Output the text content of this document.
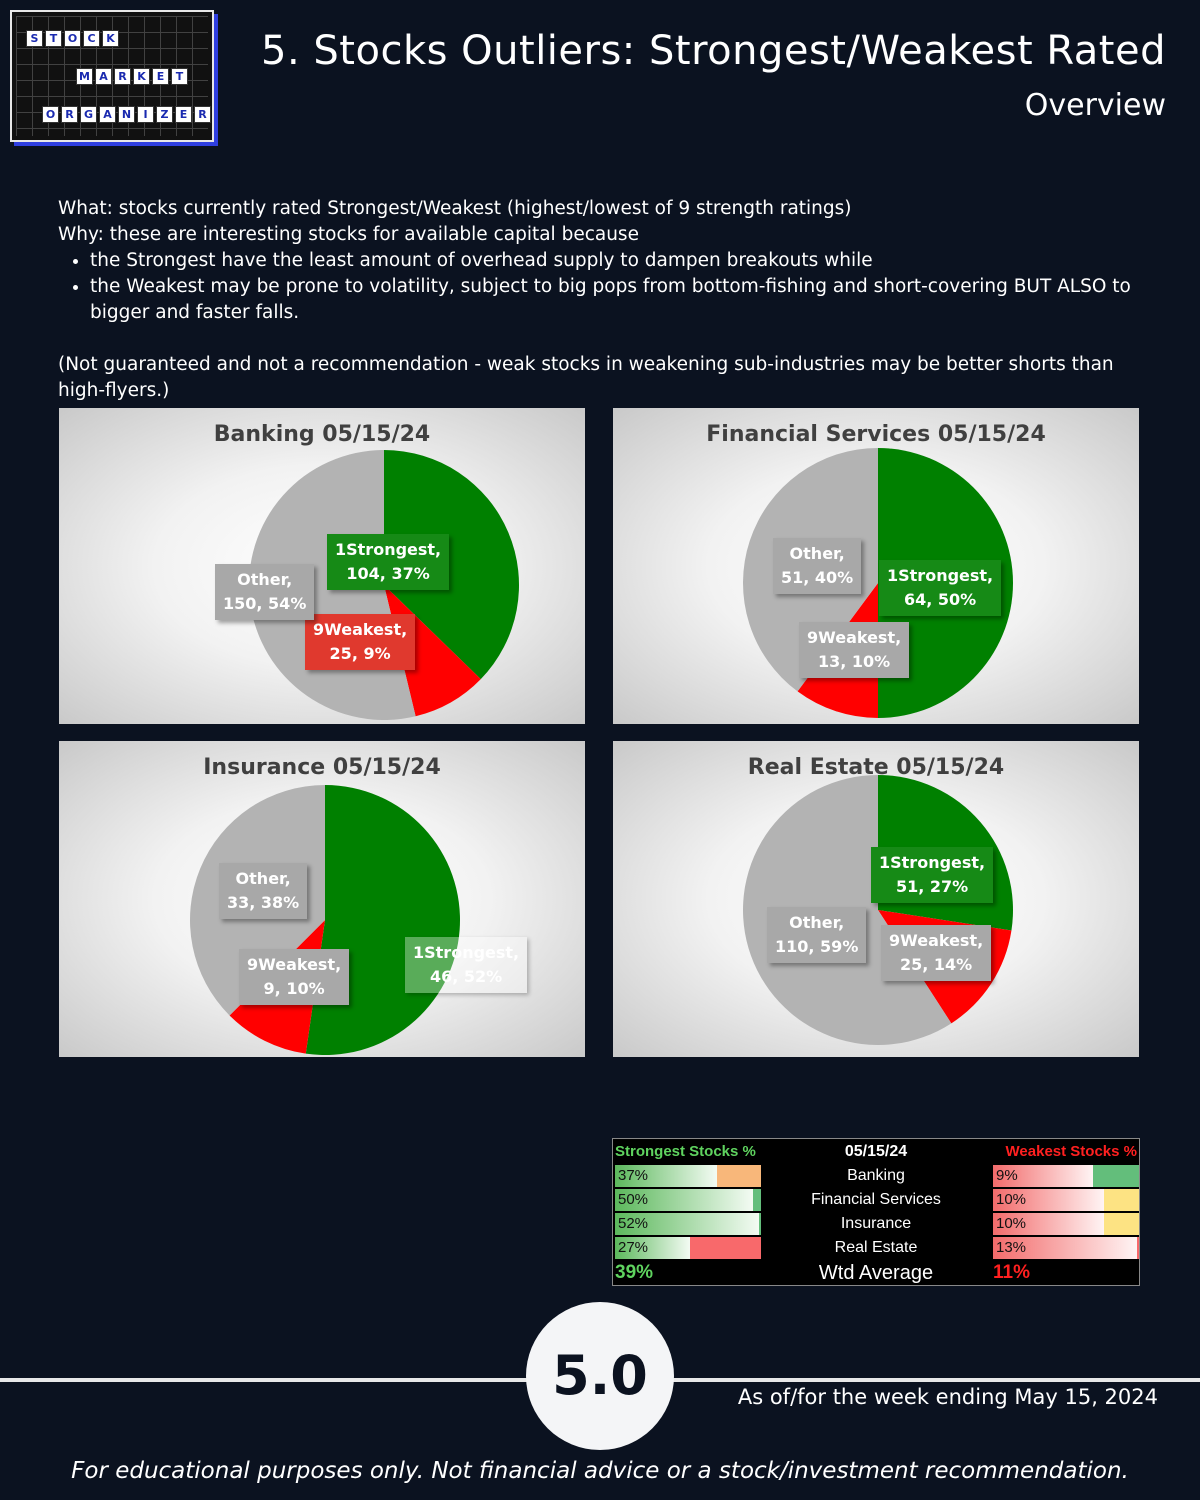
S	T O C K
M A R K E	T
O R G A N	I	Z	E	R
5. Stocks Outliers: Strongest/Weakest Rated
Overview
What: stocks currently rated Strongest/Weakest (highest/lowest of 9 strength ratings)
Why: these are interesting stocks for available capital because
• the Strongest have the least amount of overhead supply to dampen breakouts while
• the Weakest may be prone to volatility, subject to big pops from bottom-fishing and short-covering BUT ALSO to bigger and faster falls.
(Not guaranteed and not a recommendation - weak stocks in weakening sub-industries may be better shorts than high-flyers.)
Banking 05/15/24
1Strongest,
104, 37%
9Weakest,
25, 9%
Other,
150, 54%
Financial Services 05/15/24
1Strongest,
64, 50%
9Weakest,
13, 10%
Other,
51, 40%
Insurance 05/15/24
1Strongest,
46, 52%
9Weakest,
9, 10%
Other,
33, 38%
Real Estate 05/15/24
1Strongest,
51, 27%
9Weakest,
25, 14%
Other,
110, 59%
Strongest Stocks %	05/15/24	Weakest Stocks %
37%	Banking	9%
50%	Financial Services	10%
52%	Insurance	10%
27%	Real Estate	13%
39%	Wtd Average	11%
5.0	As of/for the week ending May 15, 2024
For educational purposes only. Not financial advice or a stock/investment recommendation.
